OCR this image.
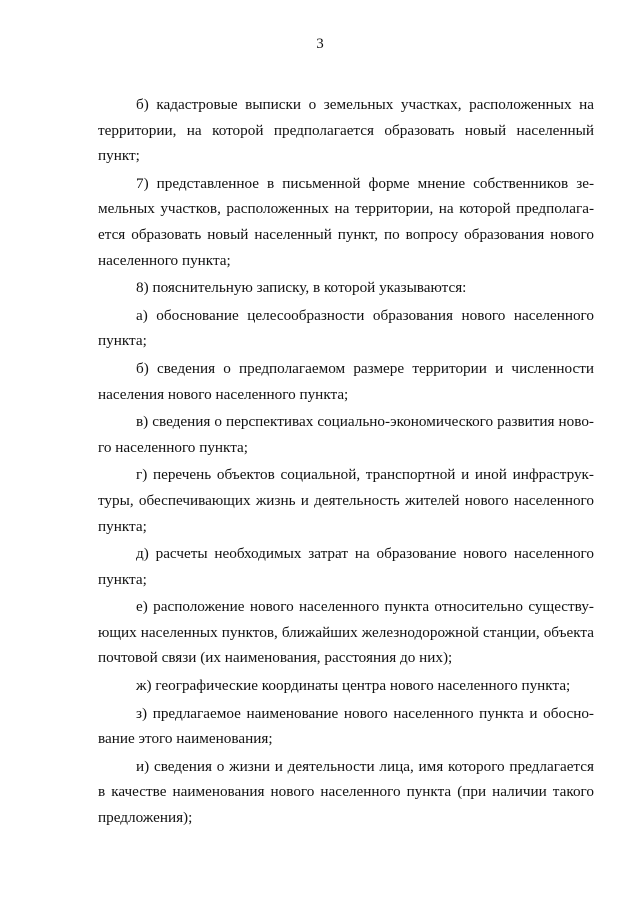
3
б) кадастровые выписки о земельных участках, расположенных на
территории, на которой предполагается образовать новый населенный
пункт;
7) представленное в письменной форме мнение собственников зе-
мельных участков, расположенных на территории, на которой предполага-
ется образовать новый населенный пункт, по вопросу образования нового
населенного пункта;
8) пояснительную записку, в которой указываются:
а) обоснование целесообразности образования нового населенного
пункта;
б) сведения о предполагаемом размере территории и численности
населения нового населенного пункта;
в) сведения о перспективах социально-экономического развития ново-
го населенного пункта;
г) перечень объектов социальной, транспортной и иной инфраструк-
туры, обеспечивающих жизнь и деятельность жителей нового населенного
пункта;
д) расчеты необходимых затрат на образование нового населенного
пункта;
е) расположение нового населенного пункта относительно существу-
ющих населенных пунктов, ближайших железнодорожной станции, объекта
почтовой связи (их наименования, расстояния до них);
ж) географические координаты центра нового населенного пункта;
з) предлагаемое наименование нового населенного пункта и обосно-
вание этого наименования;
и) сведения о жизни и деятельности лица, имя которого предлагается
в качестве наименования нового населенного пункта (при наличии такого
предложения);
